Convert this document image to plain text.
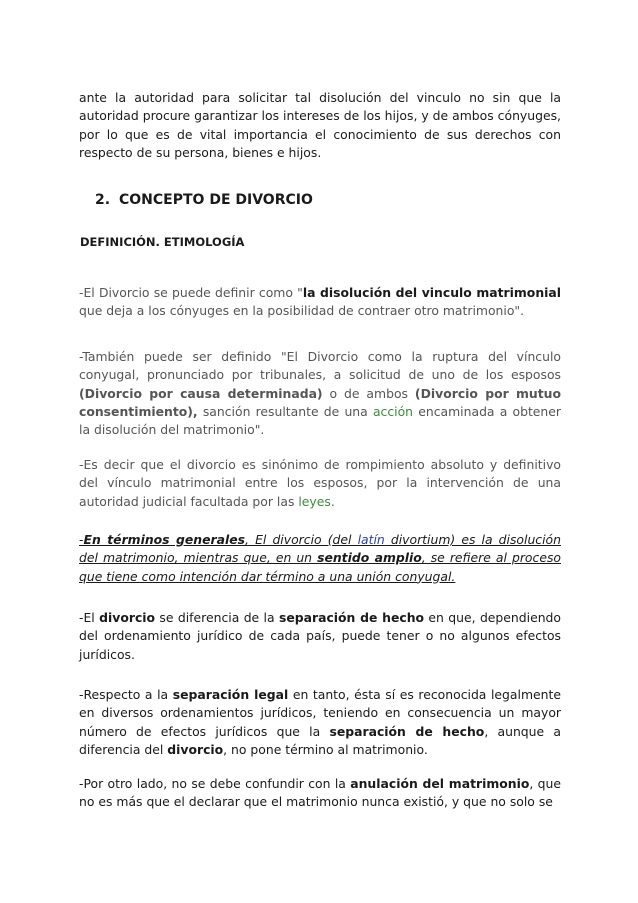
ante la autoridad para solicitar tal disolución del vinculo no sin que la autoridad procure garantizar los intereses de los hijos, y de ambos cónyuges, por lo que es de vital importancia el conocimiento de sus derechos con respecto de su persona, bienes e hijos.

2. CONCEPTO DE DIVORCIO
DEFINICIÓN. ETIMOLOGÍA

-El Divorcio se puede definir como "la disolución del vinculo matrimonial que deja a los cónyuges en la posibilidad de contraer otro matrimonio".

-También puede ser definido "El Divorcio como la ruptura del vínculo conyugal, pronunciado por tribunales, a solicitud de uno de los esposos (Divorcio por causa determinada) o de ambos (Divorcio por mutuo consentimiento), sanción resultante de una acción encaminada a obtener la disolución del matrimonio".

-Es decir que el divorcio es sinónimo de rompimiento absoluto y definitivo del vínculo matrimonial entre los esposos, por la intervención de una autoridad judicial facultada por las leyes.

-En términos generales, El divorcio (del latín divortium) es la disolución del matrimonio, mientras que, en un sentido amplio, se refiere al proceso que tiene como intención dar término a una unión conyugal.

-El divorcio se diferencia de la separación de hecho en que, dependiendo del ordenamiento jurídico de cada país, puede tener o no algunos efectos jurídicos.

-Respecto a la separación legal en tanto, ésta sí es reconocida legalmente en diversos ordenamientos jurídicos, teniendo en consecuencia un mayor número de efectos jurídicos que la separación de hecho, aunque a diferencia del divorcio, no pone término al matrimonio.

-Por otro lado, no se debe confundir con la anulación del matrimonio, que no es más que el declarar que el matrimonio nunca existió, y que no solo se
